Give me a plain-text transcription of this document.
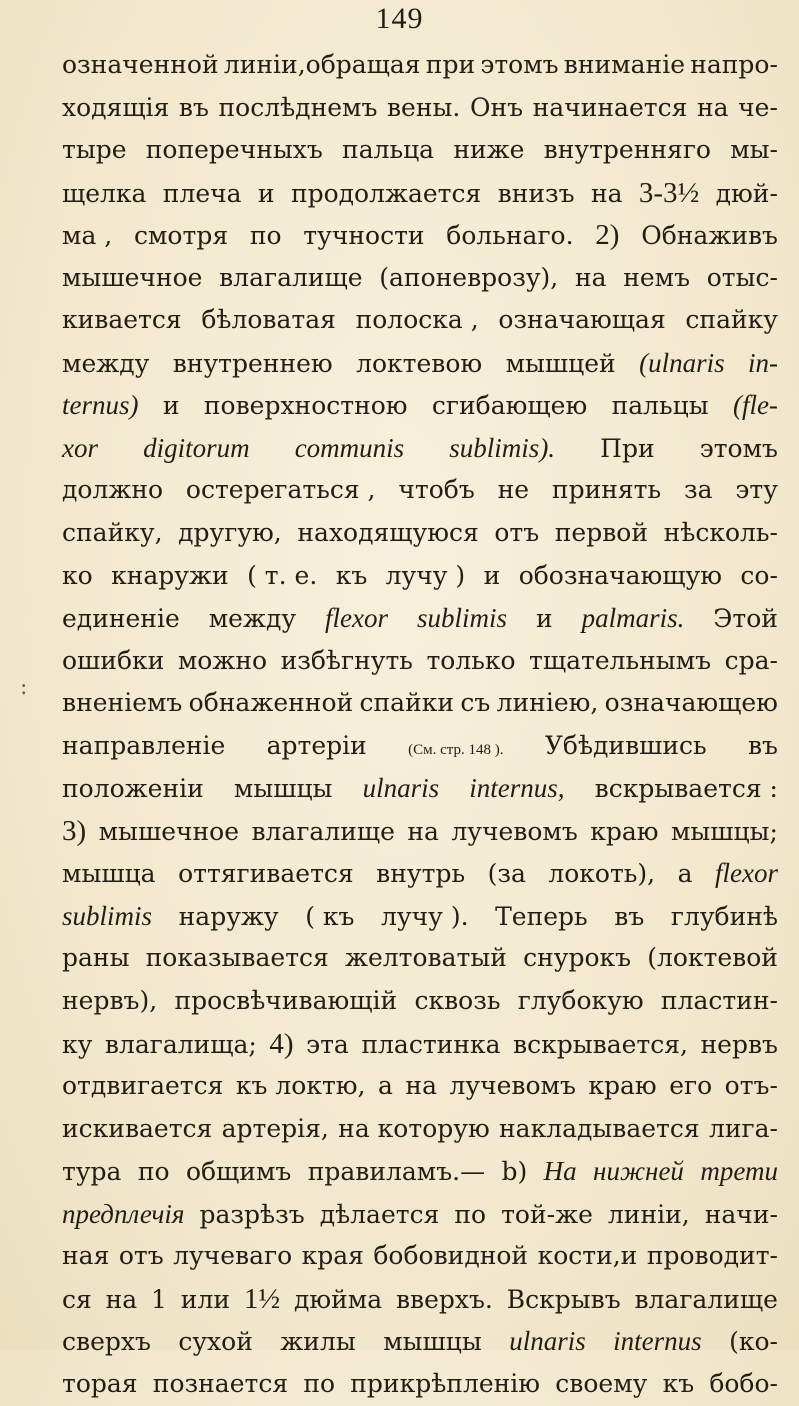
149
:
означенной линіи,обращая при этомъ вниманіе напро-
ходящія въ послѣднемъ вены. Онъ начинается на че-
тыре поперечныхъ пальца ниже внутренняго мы-
щелка плеча и продолжается внизъ на 3-3½ дюй-
ма , смотря по тучности больнаго. 2) Обнаживъ
мышечное влагалище (апоневрозу), на немъ отыс-
кивается бѣловатая полоска , означающая спайку
между внутреннею локтевою мышцей (ulnaris in-
ternus) и поверхностною сгибающею пальцы (fle-
xor digitorum communis sublimis). При этомъ
должно остерегаться , чтобъ не принять за эту
спайку, другую, находящуюся отъ первой нѣсколь-
ко кнаружи ( т. е. къ лучу ) и обозначающую со-
единеніе между flexor sublimis и palmaris. Этой
ошибки можно избѣгнуть только тщательнымъ сра-
вненіемъ обнаженной спайки съ линіею, означающею
направленіе артеріи	(См. стр. 148 ). Убѣдившись въ
положеніи мышцы ulnaris internus, вскрывается :
3) мышечное влагалище на лучевомъ краю мышцы;
мышца оттягивается внутрь (за локоть), а flexor
sublimis наружу ( къ лучу ). Теперь въ глубинѣ
раны показывается желтоватый снурокъ (локтевой
нервъ), просвѣчивающій сквозь глубокую пластин-
ку влагалища; 4) эта пластинка вскрывается, нервъ
отдвигается къ локтю, а на лучевомъ краю его отъ-
искивается артерія, на которую накладывается лига-
тура по общимъ правиламъ.— b) На нижней трети
предплечія разрѣзъ дѣлается по той-же линіи, начи-
ная отъ лучеваго края бобовидной кости,и проводит-
ся на 1 или 1½ дюйма вверхъ. Вскрывъ влагалище
сверхъ сухой жилы мышцы ulnaris internus (ко-
торая познается по прикрѣпленію своему къ бобо-
